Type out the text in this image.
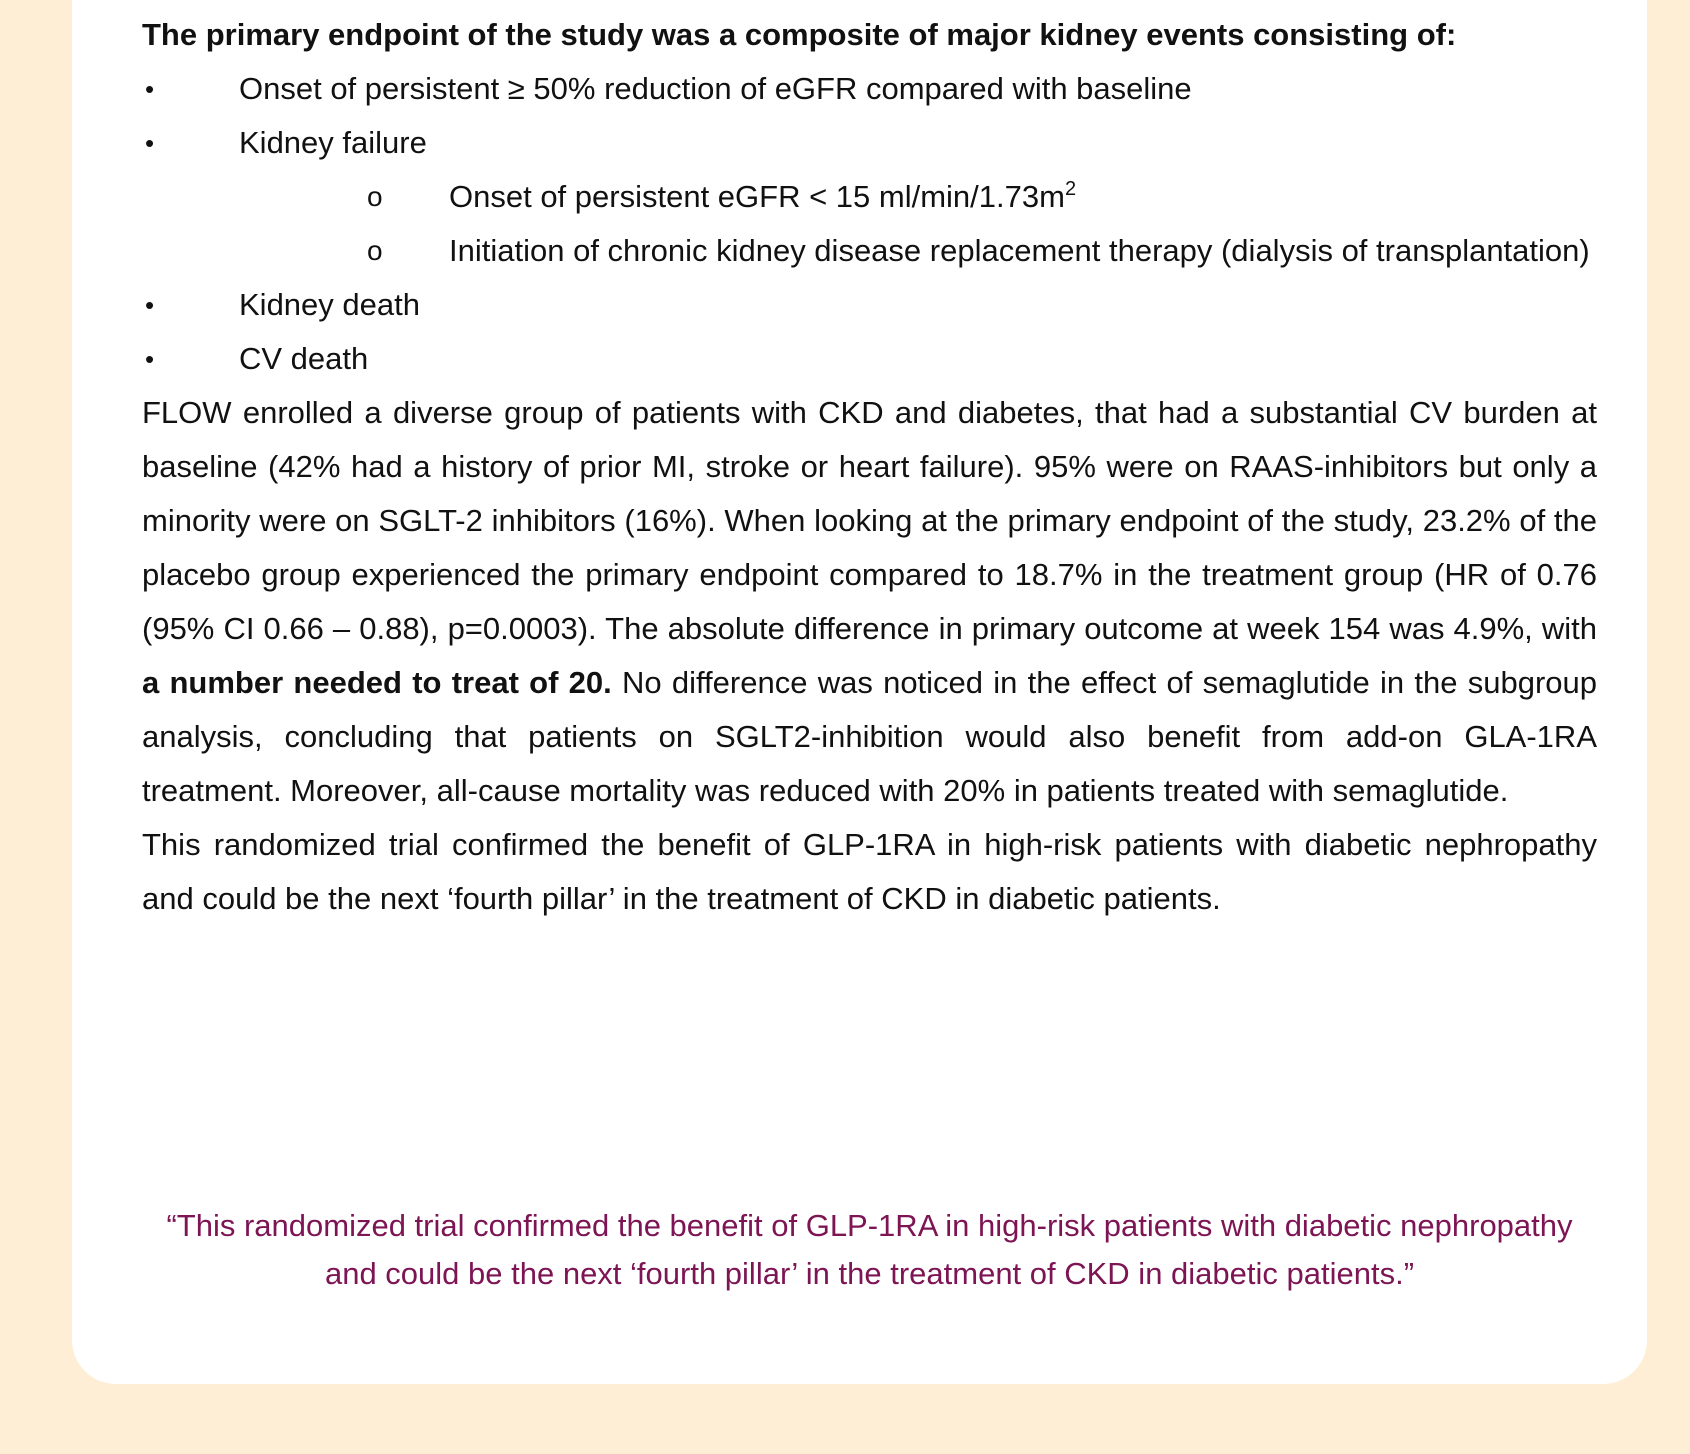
The primary endpoint of the study was a composite of major kidney events consisting of:

•	Onset of persistent ≥ 50% reduction of eGFR compared with baseline
•	Kidney failure
o Onset of persistent eGFR < 15 $ml/\min/1.73m^2$
o Initiation of chronic kidney disease replacement therapy (dialysis of transplantation)
•	Kidney death
•	CV death

FLOW enrolled a diverse group of patients with CKD and diabetes, that had a substantial CV burden at baseline (42% had a history of prior MI, stroke or heart failure). 95% were on RAAS-inhibitors but only a minority were on SGLT-2 inhibitors (16%). When looking at the primary endpoint of the study, 23.2% of the placebo group experienced the primary endpoint compared to 18.7% in the treatment group (HR of 0.76 (95% CI 0.66 – 0.88), p=0.0003). The absolute difference in primary outcome at week 154 was 4.9%, with a number needed to treat of 20. No difference was noticed in the effect of semaglutide in the subgroup analysis, concluding that patients on SGLT2-inhibition would also benefit from add-on GLA-1RA treatment. Moreover, all-cause mortality was reduced with 20% in patients treated with semaglutide.

This randomized trial confirmed the benefit of GLP-1RA in high-risk patients with diabetic nephropathy and could be the next ‘fourth pillar’ in the treatment of CKD in diabetic patients.

“This randomized trial confirmed the benefit of GLP-1RA in high-risk patients with diabetic nephropathy and could be the next ‘fourth pillar’ in the treatment of CKD in diabetic patients.”
